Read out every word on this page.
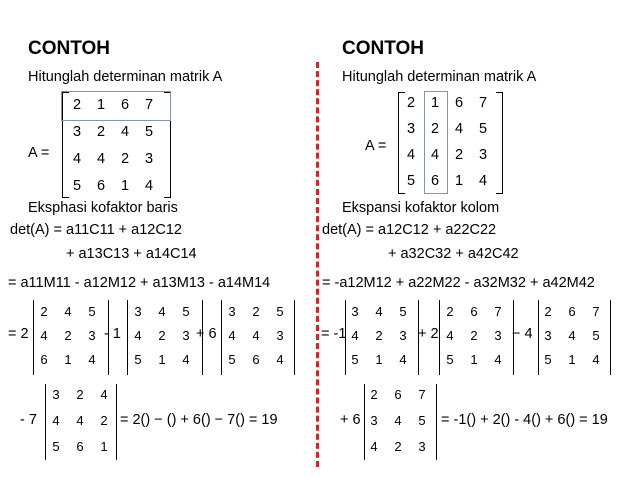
CONTOH
Hitunglah determinan matrik A
A =
2	1	6	7
3	2	4	5
4	4	2	3
5	6	1	4
Eksphasi kofaktor baris
det(A) = a11C11 + a12C12
+ a13C13 + a14C14
= a11M11 - a12M12 + a13M13 - a14M14
= 2
2	4	5
4	2	3
6	1	4
- 1
3	4	5
4	2	3
5	1	4
+ 6
3	2	5
4	4	3
5	6	4
- 7
3	2	4
4	4	2
5	6	1
= 2() − () + 6() − 7() = 19
CONTOH
Hitunglah determinan matrik A
A =
2	1	6	7
3	2	4	5
4	4	2	3
5	6	1	4
Ekspansi kofaktor kolom
det(A) = a12C12 + a22C22
+ a32C32 + a42C42
= -a12M12 + a22M22 - a32M32 + a42M42
= -1
3	4	5
4	2	3
5	1	4
+ 2
2	6	7
4	2	3
5	1	4
− 4
2	6	7
3	4	5
5	1	4
+ 6
2	6	7
3	4	5
4	2	3
= -1() + 2() - 4() + 6() = 19
